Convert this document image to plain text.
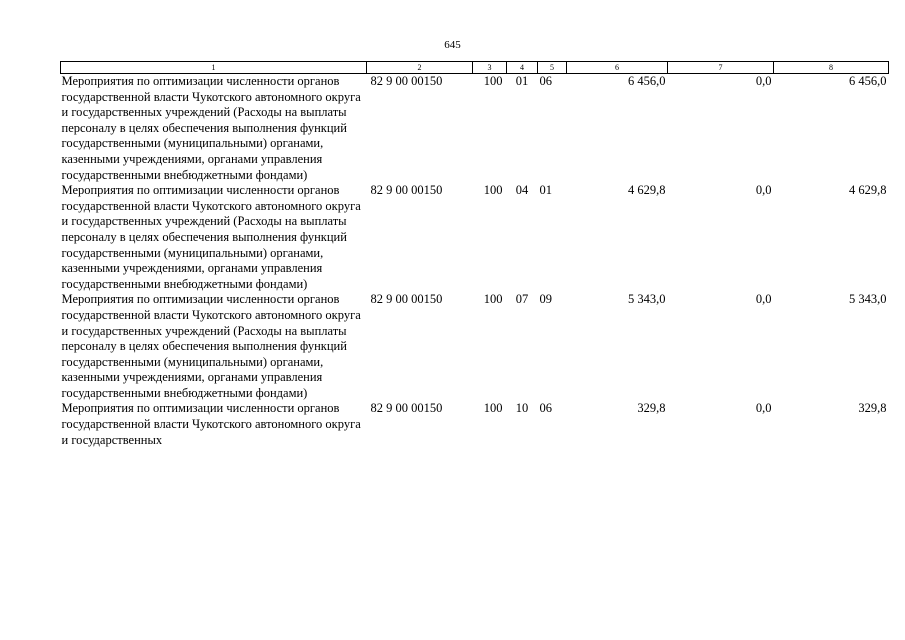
645
1	2	3	4	5	6	7	8
Мероприятия по оптимизации численности органов государственной власти Чукотского автономного округа и государственных учреждений (Расходы на выплаты персоналу в целях обеспечения выполнения функций государственными (муниципальными) органами, казенными учреждениями, органами управления государственными внебюджетными фондами)	82 9 00 00150	100	01	06	6 456,0	0,0	6 456,0
Мероприятия по оптимизации численности органов государственной власти Чукотского автономного округа и государственных учреждений (Расходы на выплаты персоналу в целях обеспечения выполнения функций государственными (муниципальными) органами, казенными учреждениями, органами управления государственными внебюджетными фондами)	82 9 00 00150	100	04	01	4 629,8	0,0	4 629,8
Мероприятия по оптимизации численности органов государственной власти Чукотского автономного округа и государственных учреждений (Расходы на выплаты персоналу в целях обеспечения выполнения функций государственными (муниципальными) органами, казенными учреждениями, органами управления государственными внебюджетными фондами)	82 9 00 00150	100	07	09	5 343,0	0,0	5 343,0
Мероприятия по оптимизации численности органов государственной власти Чукотского автономного округа и государственных	82 9 00 00150	100	10	06	329,8	0,0	329,8
